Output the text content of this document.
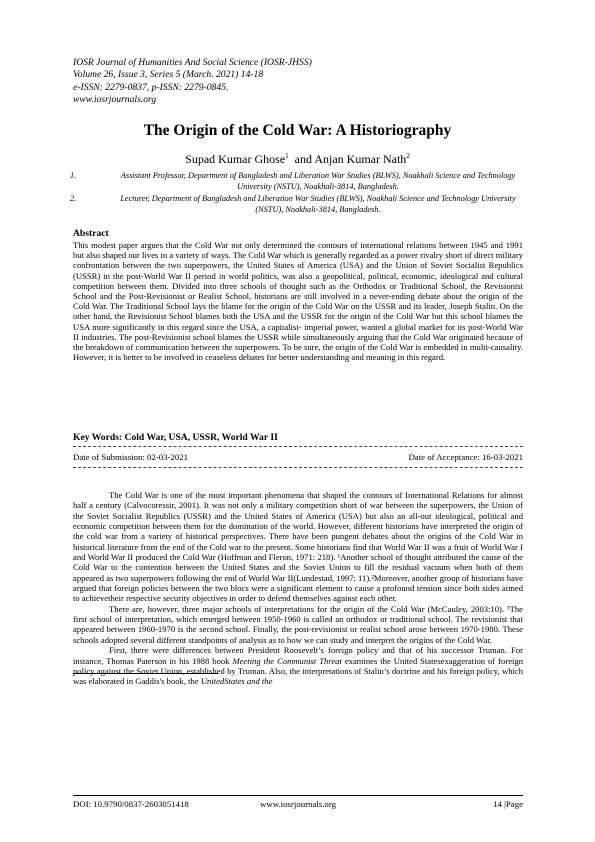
IOSR Journal of Humanities And Social Science (IOSR-JHSS)
Volume 26, Issue 3, Series 5 (March. 2021) 14-18
e-ISSN: 2279-0837, p-ISSN: 2279-0845.
www.iosrjournals.org
The Origin of the Cold War: A Historiography
Supad Kumar Ghose$^1$ and Anjan Kumar Nath$^2$
1.	Assistant Professor, Department of Bangladesh and Liberation War Studies (BLWS), Noakhali Science and Technology University (NSTU), Noakhali-3814, Bangladesh.
2.	Lecturer, Department of Bangladesh and Liberation War Studies (BLWS), Noakhali Science and Technology University (NSTU), Noakhali-3814, Bangladesh.
Abstract
This modest paper argues that the Cold War not only determined the contours of international relations between 1945 and 1991 but also shaped our lives in a variety of ways. The Cold War which is generally regarded as a power rivalry short of direct military confrontation between the two superpowers, the United States of America (USA) and the Union of Soviet Socialist Republics (USSR) in the post-World War II period in world politics, was also a geopolitical, political, economic, ideological and cultural competition between them. Divided into three schools of thought such as the Orthodox or Traditional School, the Revisionist School and the Post-Revisionist or Realist School, historians are still involved in a never-ending debate about the origin of the Cold War. The Traditional School lays the blame for the origin of the Cold War on the USSR and its leader, Joseph Stalin. On the other hand, the Revisionist School blames both the USA and the USSR for the origin of the Cold War but this school blames the USA more significantly in this regard since the USA, a capitalist- imperial power, wanted a global market for its post-World War II industries. The post-Revisionist school blames the USSR while simultaneously arguing that the Cold War originated because of the breakdown of communication between the superpowers. To be sure, the origin of the Cold War is embedded in multi-causality. However, it is better to be involved in ceaseless debates for better understanding and meaning in this regard.
Key Words: Cold War, USA, USSR, World War II
Date of Submission: 02-03-2021	Date of Acceptance: 16-03-2021

The Cold War is one of the most important phenomena that shaped the contours of International Relations for almost half a century (Calvocoressir, 2001). It was not only a military competition short of war between the superpowers, the Union of the Soviet Socialist Republics (USSR) and the United States of America (USA) but also an all-out ideological, political and economic competition between them for the domination of the world. However, different historians have interpreted the origin of the cold war from a variety of historical perspectives. There have been pungent debates about the origins of the Cold War in historical literature from the end of the Cold war to the present. Some historians find that World War II was a fruit of World War I and World War II produced the Cold War (Hoffman and Fleron, 1971: 218). ¹Another school of thought attributed the cause of the Cold War to the contention between the United States and the Soviet Union to fill the residual vacuum when both of them appeared as two superpowers following the end of World War II(Lundestad, 1997: 11).²Moreover, another group of historians have argued that foreign policies between the two blocs were a significant element to cause a profound tension since both sides aimed to achievetheir respective security objectives in order to defend themselves against each other.

There are, however, three major schools of interpretations for the origin of the Cold War (McCauley, 2003:10). ³The first school of interpretation, which emerged between 1950-1960 is called an orthodox or traditional school. The revisionist that appeared between 1960-1970 is the second school. Finally, the post-revisionist or realist school arose between 1970-1980. These schools adopted several different standpoints of analysis as to how we can study and interpret the origins of the Cold War.

First, there were differences between President Roosevelt’s foreign policy and that of his successor Truman. For instance, Thomas Paterson in his 1988 book Meeting the Communist Threat examines the United Statesexaggeration of foreign policy against the Soviet Union, established by Truman. Also, the interpretations of Stalin’s doctrine and his foreign policy, which was elaborated in Gaddis's book, the UnitedStates and the

DOI: 10.9790/0837-2603051418	www.iosrjournals.org	14 |Page
